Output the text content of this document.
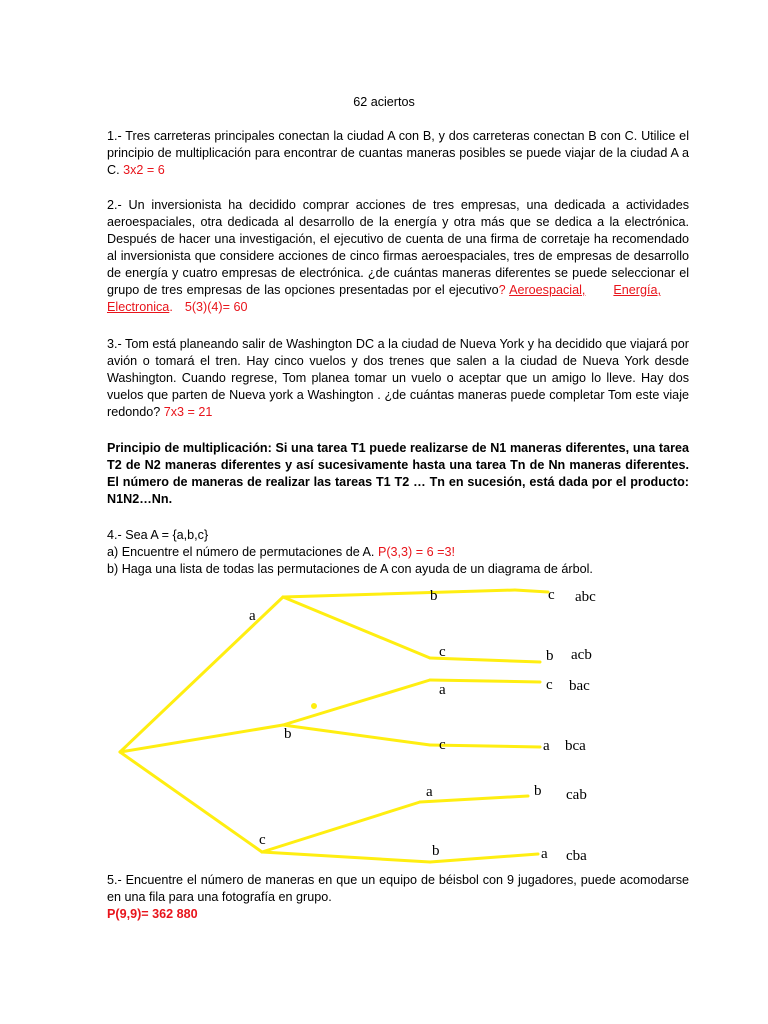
62 aciertos
1.- Tres carreteras principales conectan la ciudad A con B, y dos carreteras conectan B con C. Utilice el principio de multiplicación para encontrar de cuantas maneras posibles se puede viajar de la ciudad A a C. 3x2 = 6
2.- Un inversionista ha decidido comprar acciones de tres empresas, una dedicada a actividades aeroespaciales, otra dedicada al desarrollo de la energía y otra más que se dedica a la electrónica. Después de hacer una investigación, el ejecutivo de cuenta de una firma de corretaje ha recomendado al inversionista que considere acciones de cinco firmas aeroespaciales, tres de empresas de desarrollo de energía y cuatro empresas de electrónica. ¿de cuántas maneras diferentes se puede seleccionar el grupo de tres empresas de las opciones presentadas por el ejecutivo? Aeroespacial, Energía,Electronica. 5(3)(4)= 60
3.- Tom está planeando salir de Washington DC a la ciudad de Nueva York y ha decidido que viajará por avión o tomará el tren. Hay cinco vuelos y dos trenes que salen a la ciudad de Nueva York desde Washington. Cuando regrese, Tom planea tomar un vuelo o aceptar que un amigo lo lleve. Hay dos vuelos que parten de Nueva york a Washington . ¿de cuántas maneras puede completar Tom este viaje redondo? 7x3 = 21
Principio de multiplicación: Si una tarea T1 puede realizarse de N1 maneras diferentes, una tarea T2 de N2 maneras diferentes y así sucesivamente hasta una tarea Tn de Nn maneras diferentes. El número de maneras de realizar las tareas T1 T2 … Tn en sucesión, está dada por el producto: N1N2…Nn.
4.- Sea A = {a,b,c}
a) Encuentre el número de permutaciones de A. P(3,3) = 6 =3!
b) Haga una lista de todas las permutaciones de A con ayuda de un diagrama de árbol.
a
b
c
b
c
a
c
a
b
c
b
c
a
b
a
abc
acb
bac
bca
cab
cba
5.- Encuentre el número de maneras en que un equipo de béisbol con 9 jugadores, puede acomodarse en una fila para una fotografía en grupo.
P(9,9)= 362 880
